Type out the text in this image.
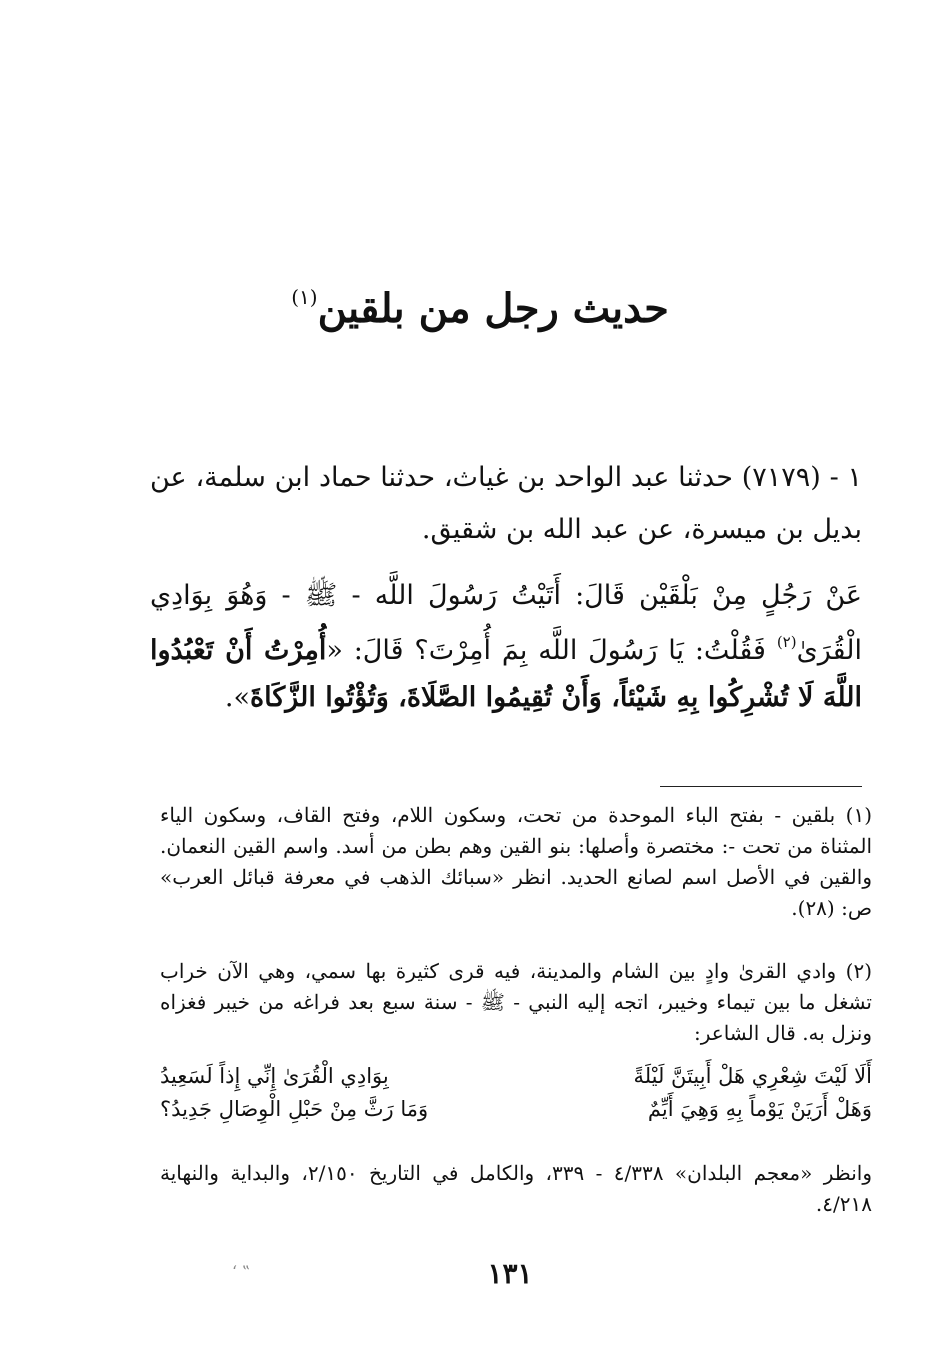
حديث رجل من بلقين$^{(١)}$
١ - (٧١٧٩) حدثنا عبد الواحد بن غياث، حدثنا حماد ابن سلمة، عن بديل بن ميسرة، عن عبد الله بن شقيق.
عَنْ رَجُلٍ مِنْ بَلْقَيْن قَالَ: أَتَيْتُ رَسُولَ اللَّه - ﷺ - وَهُوَ بِوَادِي الْقُرَىٰ$^{(٢)}$ فَقُلْتُ: يَا رَسُولَ اللَّه بِمَ أُمِرْتَ؟ قَالَ: «أُمِرْتُ أَنْ تَعْبُدُوا اللَّهَ لَا تُشْرِكُوا بِهِ شَيْئاً، وَأَنْ تُقِيمُوا الصَّلَاةَ، وَتُؤْتُوا الزَّكَاةَ».
(١) بلقين - بفتح الباء الموحدة من تحت، وسكون اللام، وفتح القاف، وسكون الياء المثناة من تحت -: مختصرة وأصلها: بنو القين وهم بطن من أسد. واسم القين النعمان. والقين في الأصل اسم لصانع الحديد. انظر «سبائك الذهب في معرفة قبائل العرب» ص: (٢٨).
(٢) وادي القرىٰ وادٍ بين الشام والمدينة، فيه قرى كثيرة بها سمي، وهي الآن خراب تشغل ما بين تيماء وخيبر، اتجه إليه النبي - ﷺ - سنة سبع بعد فراغه من خيبر فغزاه ونزل به. قال الشاعر:
أَلَا لَيْتَ شِعْرِي هَلْ أَبِيتَنَّ لَيْلَةً
بِوَادِي الْقُرَىٰ إِنِّي إِذاً لَسَعِيدُ
وَهَلْ أَرَيَنْ يَوْماً بِهِ وَهِيَ أَيِّمٌ
وَمَا رَثَّ مِنْ حَبْلِ الْوِصَالِ جَدِيدُ؟
وانظر «معجم البلدان» ٤/٣٣٨ - ٣٣٩، والكامل في التاريخ ٢/١٥٠، والبداية والنهاية ٤/٢١٨.
‘ ‟	١٣١
